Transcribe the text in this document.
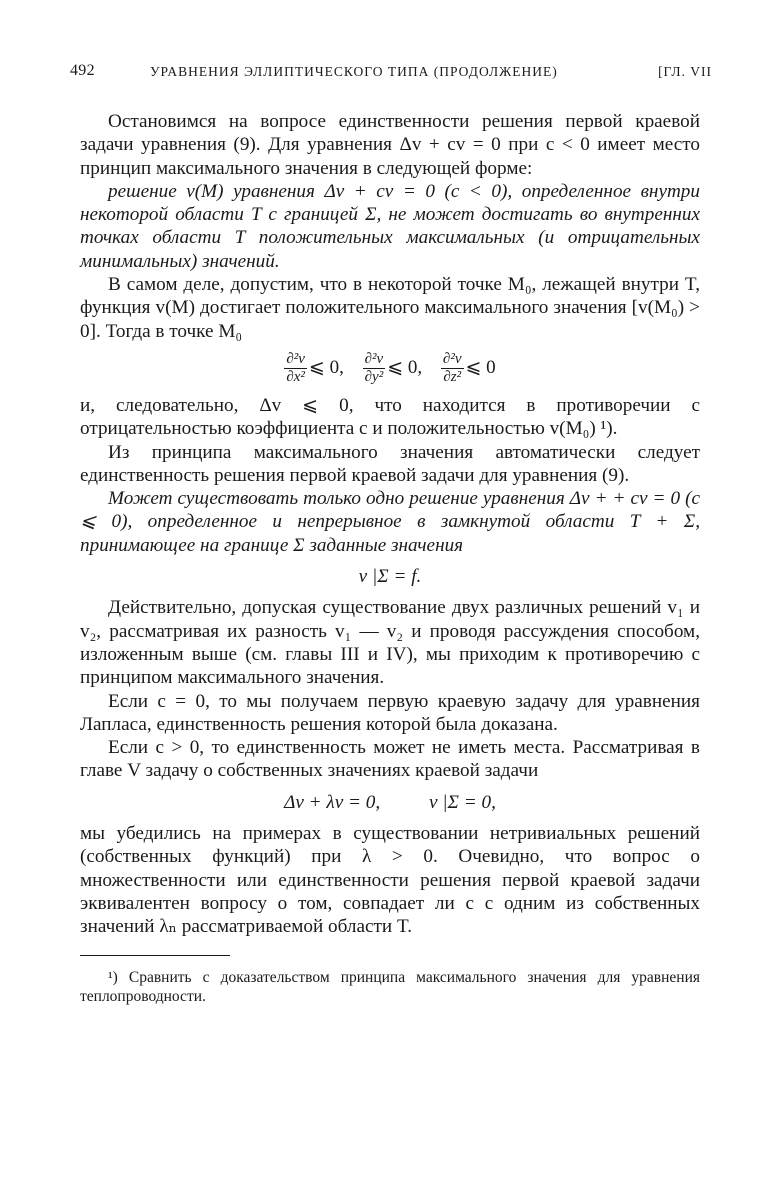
492	УРАВНЕНИЯ ЭЛЛИПТИЧЕСКОГО ТИПА (ПРОДОЛЖЕНИЕ)	[ГЛ. VII

Остановимся на вопросе единственности решения первой краевой задачи уравнения (9). Для уравнения Δv + cv = 0 при c < 0 имеет место принцип максимального значения в следующей форме:

решение v(M) уравнения Δv + cv = 0 (c < 0), определенное внутри некоторой области T с границей Σ, не может достигать во внутренних точках области T положительных максимальных (и отрицательных минимальных) значений.

В самом деле, допустим, что в некоторой точке M₀, лежащей внутри T, функция v(M) достигает положительного максимального значения [v(M₀) > 0]. Тогда в точке M₀

$\frac{\text{∂²v}}{\text{∂x²}}$ ⩽ 0, $\frac{\text{∂²v}}{\text{∂y²}}$ ⩽ 0, $\frac{\text{∂²v}}{\text{∂z²}}$ ⩽ 0

и, следовательно, Δv ⩽ 0, что находится в противоречии с отрицательностью коэффициента c и положительностью v(M₀) ¹).

Из принципа максимального значения автоматически следует единственность решения первой краевой задачи для уравнения (9).

Может существовать только одно решение уравнения Δv + + cv = 0 (c ⩽ 0), определенное и непрерывное в замкнутой области T + Σ, принимающее на границе Σ заданные значения

v |Σ = f.

Действительно, допуская существование двух различных решений v₁ и v₂, рассматривая их разность v₁ — v₂ и проводя рассуждения способом, изложенным выше (см. главы III и IV), мы приходим к противоречию с принципом максимального значения.

Если c = 0, то мы получаем первую краевую задачу для уравнения Лапласа, единственность решения которой была доказана.

Если c > 0, то единственность может не иметь места. Рассматривая в главе V задачу о собственных значениях краевой задачи

Δv + λv = 0,	v |Σ = 0,

мы убедились на примерах в существовании нетривиальных решений (собственных функций) при λ > 0. Очевидно, что вопрос о множественности или единственности решения первой краевой задачи эквивалентен вопросу о том, совпадает ли c с одним из собственных значений λₙ рассматриваемой области T.

¹) Сравнить с доказательством принципа максимального значения для уравнения теплопроводности.
